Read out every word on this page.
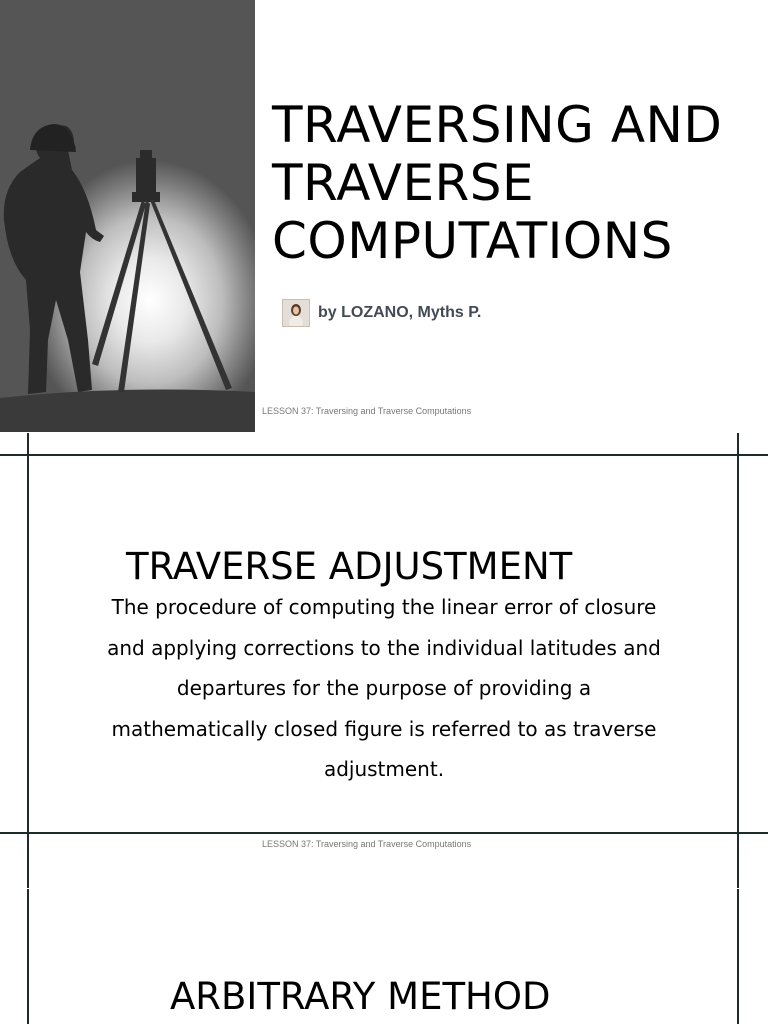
TRAVERSING AND
TRAVERSE
COMPUTATIONS
by LOZANO, Myths P.
LESSON 37: Traversing and Traverse Computations
TRAVERSE ADJUSTMENT
The procedure of computing the linear error of closure
and applying corrections to the individual latitudes and
departures for the purpose of providing a
mathematically closed figure is referred to as traverse
adjustment.
LESSON 37: Traversing and Traverse Computations
ARBITRARY METHOD
